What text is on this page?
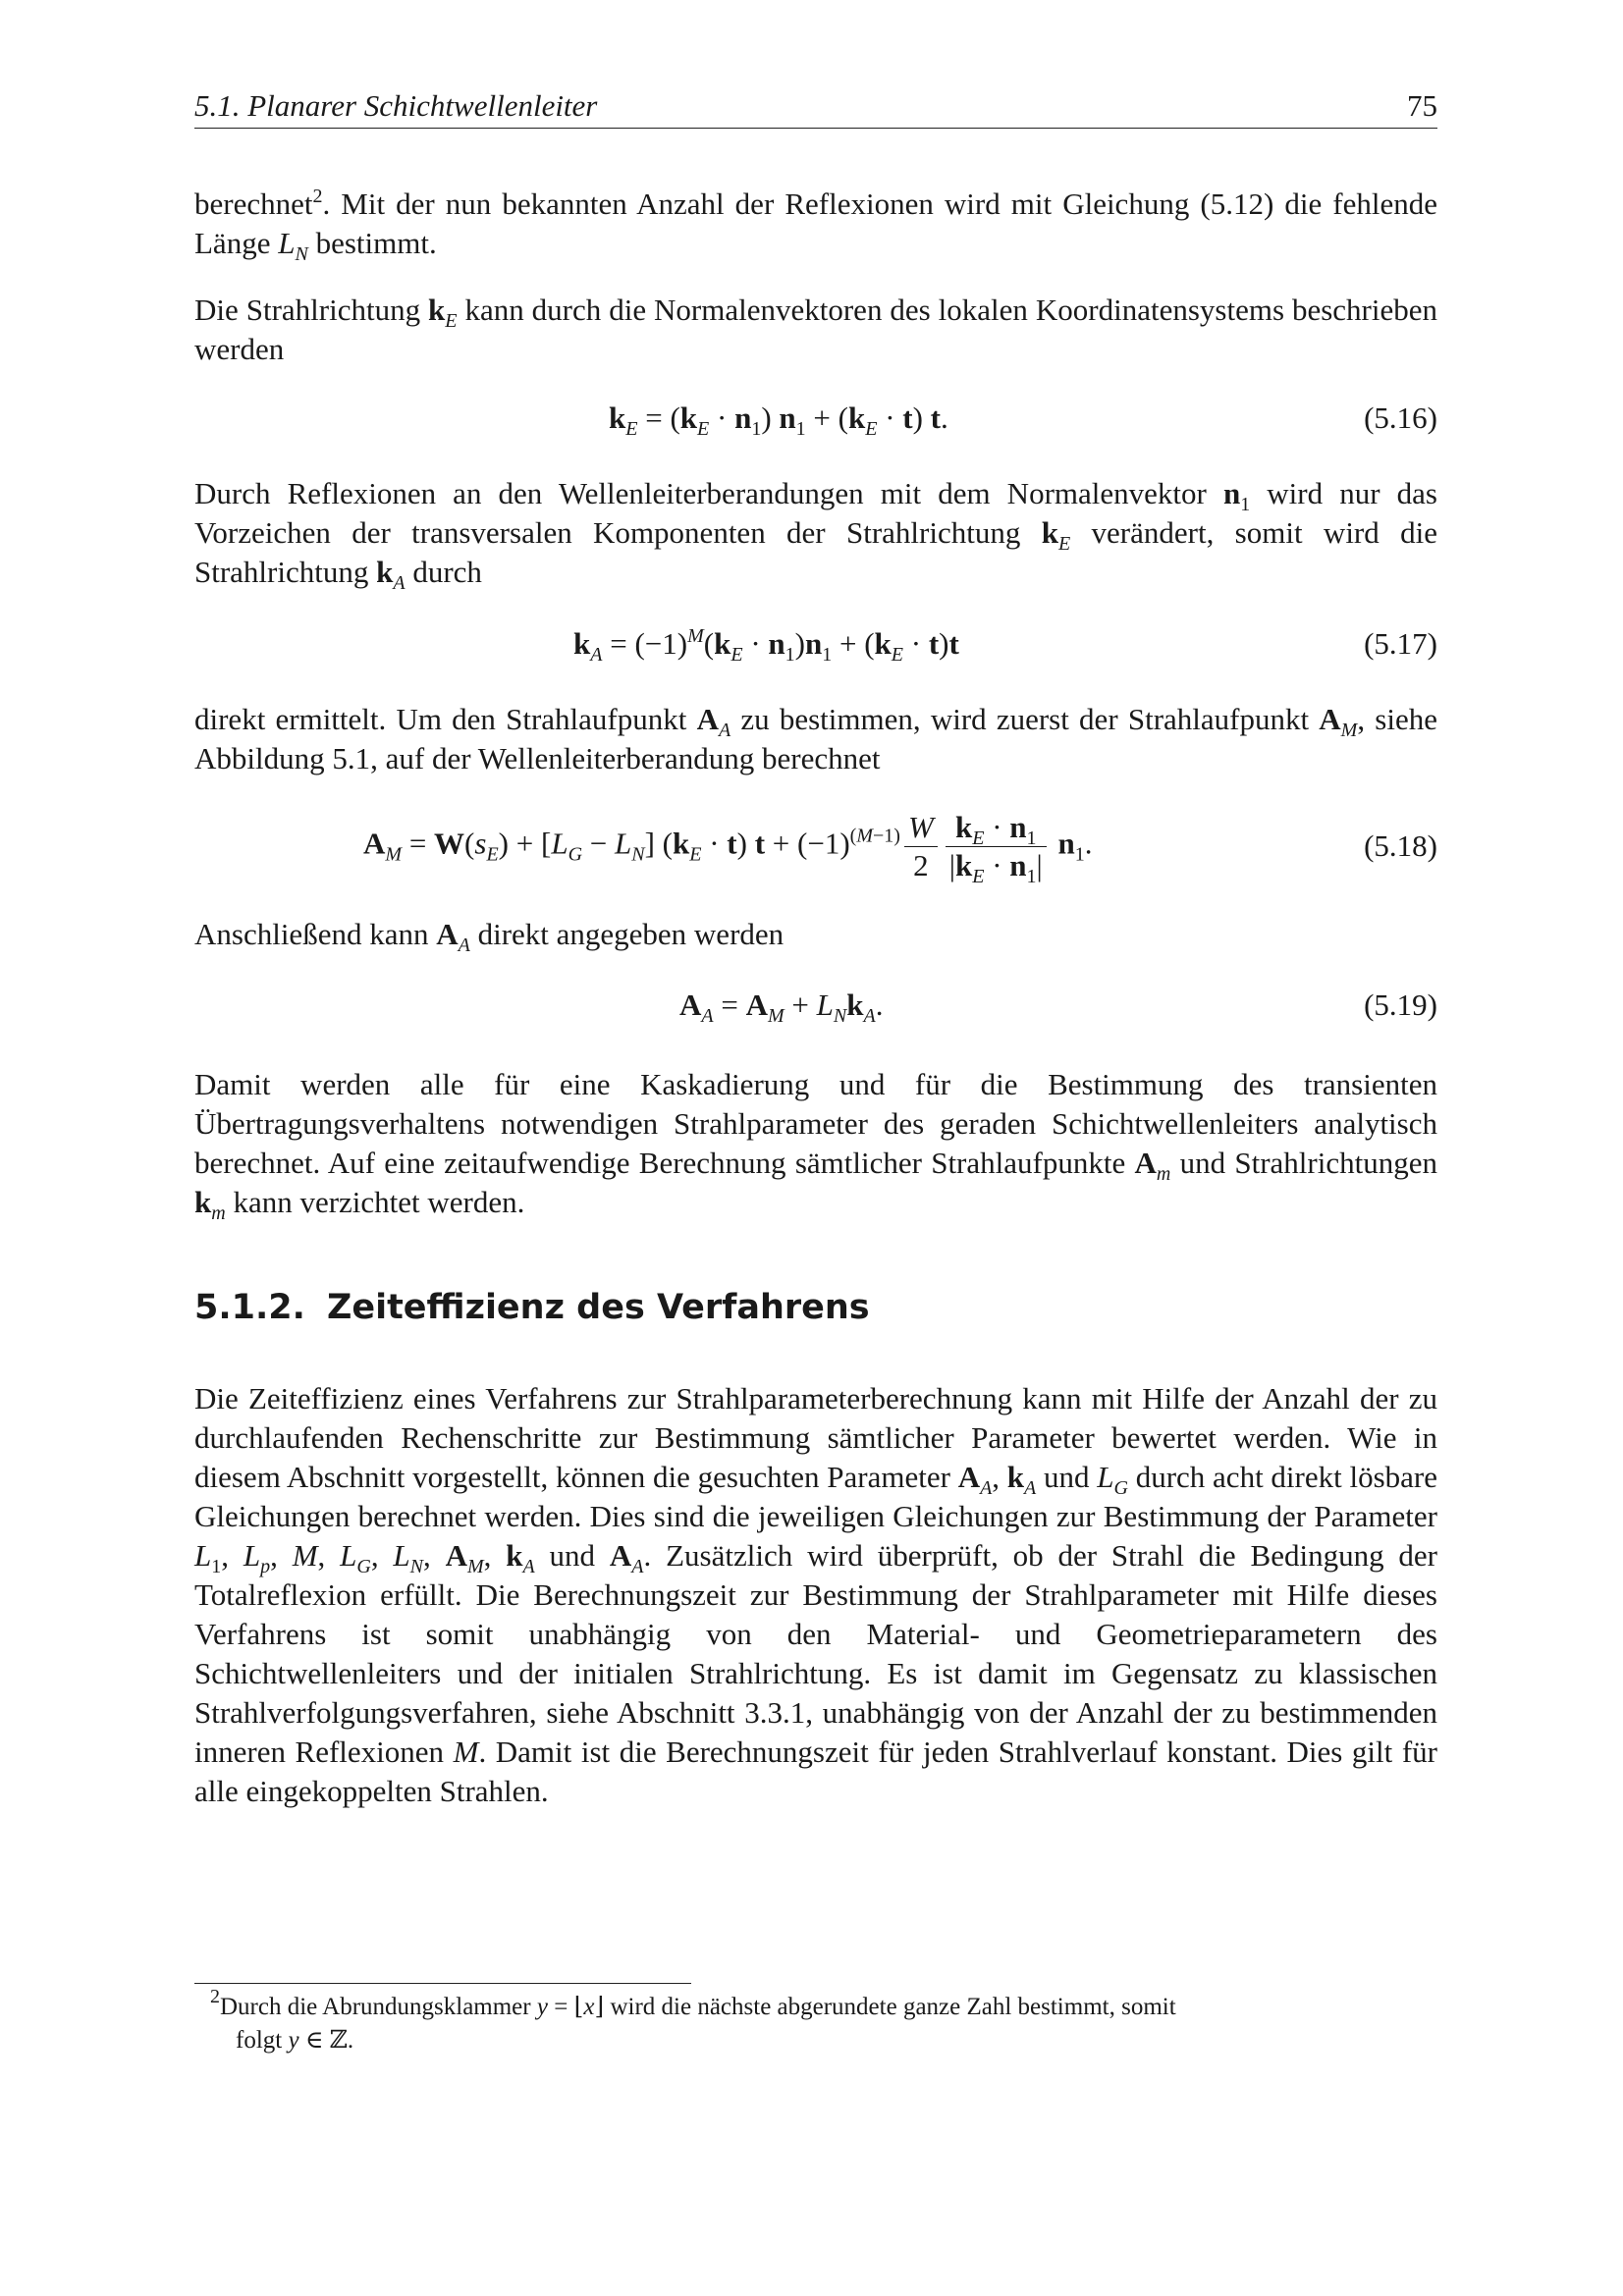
5.1. Planarer Schichtwellenleiter	75

berechnet$^2$. Mit der nun bekannten Anzahl der Reflexionen wird mit Gleichung (5.12) die fehlende Länge $L_N$ bestimmt.

Die Strahlrichtung $k_E$ kann durch die Normalenvektoren des lokalen Koordinatensystems beschrieben werden

$k_E = (k_E \cdot n_1) n_1 + (k_E \cdot t)$ t.	(5.16)

Durch Reflexionen an den Wellenleiterberandungen mit dem Normalenvektor $n_1$ wird nur das Vorzeichen der transversalen Komponenten der Strahlrichtung $k_E$ verändert, somit wird die Strahlrichtung $k_A$ durch

$k_A = (-1)^M(k_E \cdot n_1)n_1 + (k_E \cdot t)t$	(5.17)

direkt ermittelt. Um den Strahlaufpunkt $A_A$ zu bestimmen, wird zuerst der Strahlaufpunkt $A_M$, siehe Abbildung 5.1, auf der Wellenleiterberandung berechnet

$A_M = W(s_E) + [L_G - L_N] (k_E \cdot t) t + (-1)^{(M-1)} \frac{W}{2} \frac{k_E \cdot n_1}{|k_E \cdot n_1|} n_1$.	(5.18)

Anschließend kann $A_A$ direkt angegeben werden

$A_A = A_M + L_Nk_A$.	(5.19)

Damit werden alle für eine Kaskadierung und für die Bestimmung des transienten Übertragungsverhaltens notwendigen Strahlparameter des geraden Schichtwellenleiters analytisch berechnet. Auf eine zeitaufwendige Berechnung sämtlicher Strahlaufpunkte $A_m$ und Strahlrichtungen $k_m$ kann verzichtet werden.

5.1.2. Zeiteffizienz des Verfahrens

Die Zeiteffizienz eines Verfahrens zur Strahlparameterberechnung kann mit Hilfe der Anzahl der zu durchlaufenden Rechenschritte zur Bestimmung sämtlicher Parameter bewertet werden. Wie in diesem Abschnitt vorgestellt, können die gesuchten Parameter $A_A$, $k_A$ und $L_G$ durch acht direkt lösbare Gleichungen berechnet werden. Dies sind die jeweiligen Gleichungen zur Bestimmung der Parameter $L_1$, $L_p$, M, $L_G$, $L_N$, $A_M$, $k_A$ und $A_A$. Zusätzlich wird überprüft, ob der Strahl die Bedingung der Totalreflexion erfüllt. Die Berechnungszeit zur Bestimmung der Strahlparameter mit Hilfe dieses Verfahrens ist somit unabhängig von den Material- und Geometrieparametern des Schichtwellenleiters und der initialen Strahlrichtung. Es ist damit im Gegensatz zu klassischen Strahlverfolgungsverfahren, siehe Abschnitt 3.3.1, unabhängig von der Anzahl der zu bestimmenden inneren Reflexionen M. Damit ist die Berechnungszeit für jeden Strahlverlauf konstant. Dies gilt für alle eingekoppelten Strahlen.

$^2$Durch die Abrundungsklammer y = ⌊x⌋ wird die nächste abgerundete ganze Zahl bestimmt, somit
folgt y ∈ ℤ.
